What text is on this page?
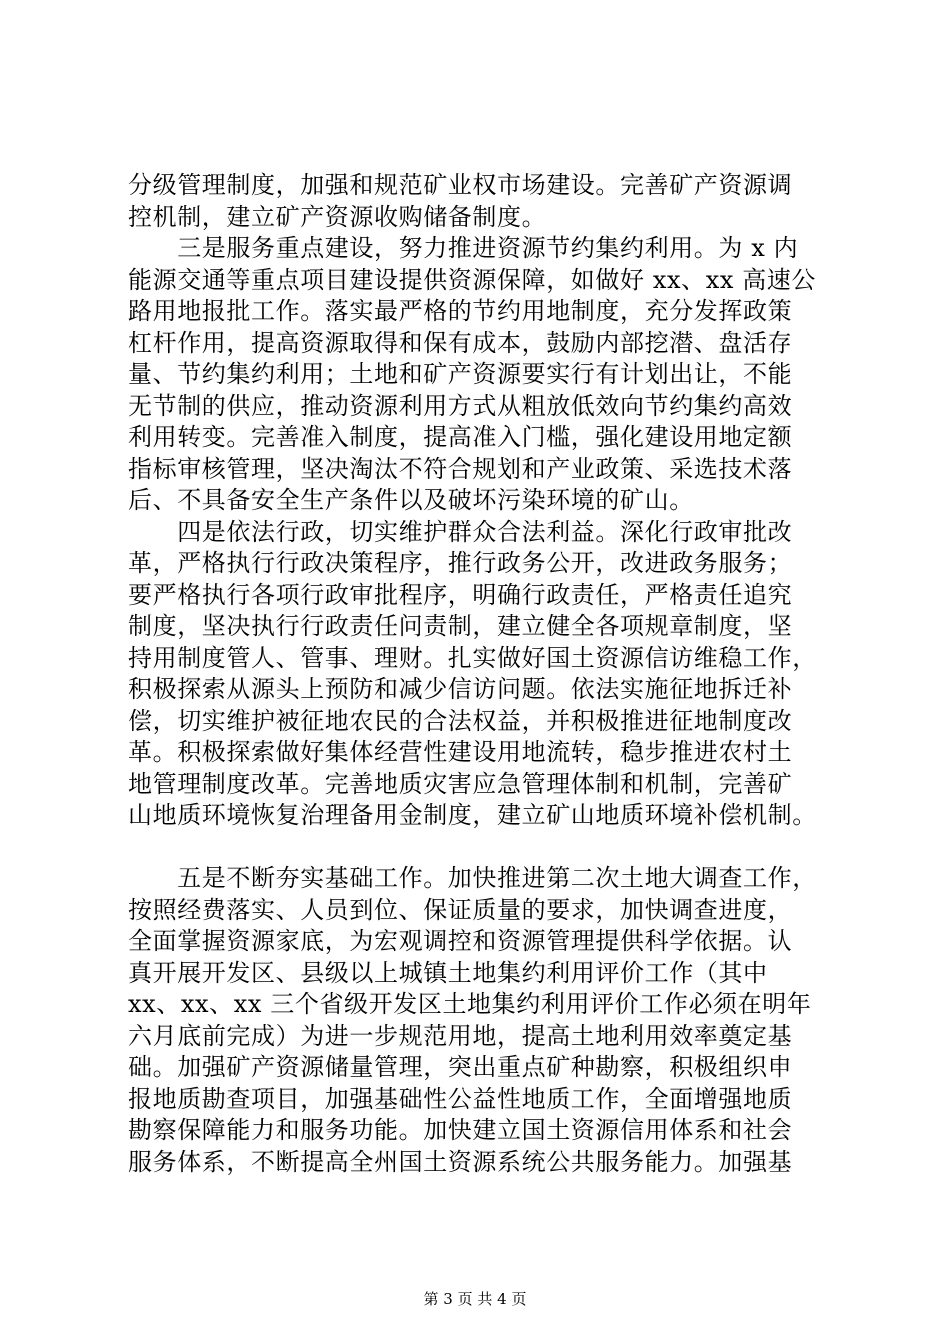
分级管理制度，加强和规范矿业权市场建设。完善矿产资源调
控机制，建立矿产资源收购储备制度。
　　三是服务重点建设，努力推进资源节约集约利用。为 x 内
能源交通等重点项目建设提供资源保障，如做好 xx、xx 高速公
路用地报批工作。落实最严格的节约用地制度，充分发挥政策
杠杆作用，提高资源取得和保有成本，鼓励内部挖潜、盘活存
量、节约集约利用；土地和矿产资源要实行有计划出让，不能
无节制的供应，推动资源利用方式从粗放低效向节约集约高效
利用转变。完善准入制度，提高准入门槛，强化建设用地定额
指标审核管理，坚决淘汰不符合规划和产业政策、采选技术落
后、不具备安全生产条件以及破坏污染环境的矿山。
　　四是依法行政，切实维护群众合法利益。深化行政审批改
革，严格执行行政决策程序，推行政务公开，改进政务服务；
要严格执行各项行政审批程序，明确行政责任，严格责任追究
制度，坚决执行行政责任问责制，建立健全各项规章制度，坚
持用制度管人、管事、理财。扎实做好国土资源信访维稳工作，
积极探索从源头上预防和减少信访问题。依法实施征地拆迁补
偿，切实维护被征地农民的合法权益，并积极推进征地制度改
革。积极探索做好集体经营性建设用地流转，稳步推进农村土
地管理制度改革。完善地质灾害应急管理体制和机制，完善矿
山地质环境恢复治理备用金制度，建立矿山地质环境补偿机制。
　　五是不断夯实基础工作。加快推进第二次土地大调查工作，
按照经费落实、人员到位、保证质量的要求，加快调查进度，
全面掌握资源家底，为宏观调控和资源管理提供科学依据。认
真开展开发区、县级以上城镇土地集约利用评价工作（其中
xx、xx、xx 三个省级开发区土地集约利用评价工作必须在明年
六月底前完成）为进一步规范用地，提高土地利用效率奠定基
础。加强矿产资源储量管理，突出重点矿种勘察，积极组织申
报地质勘查项目，加强基础性公益性地质工作，全面增强地质
勘察保障能力和服务功能。加快建立国土资源信用体系和社会
服务体系，不断提高全州国土资源系统公共服务能力。加强基
第 3 页 共 4 页
